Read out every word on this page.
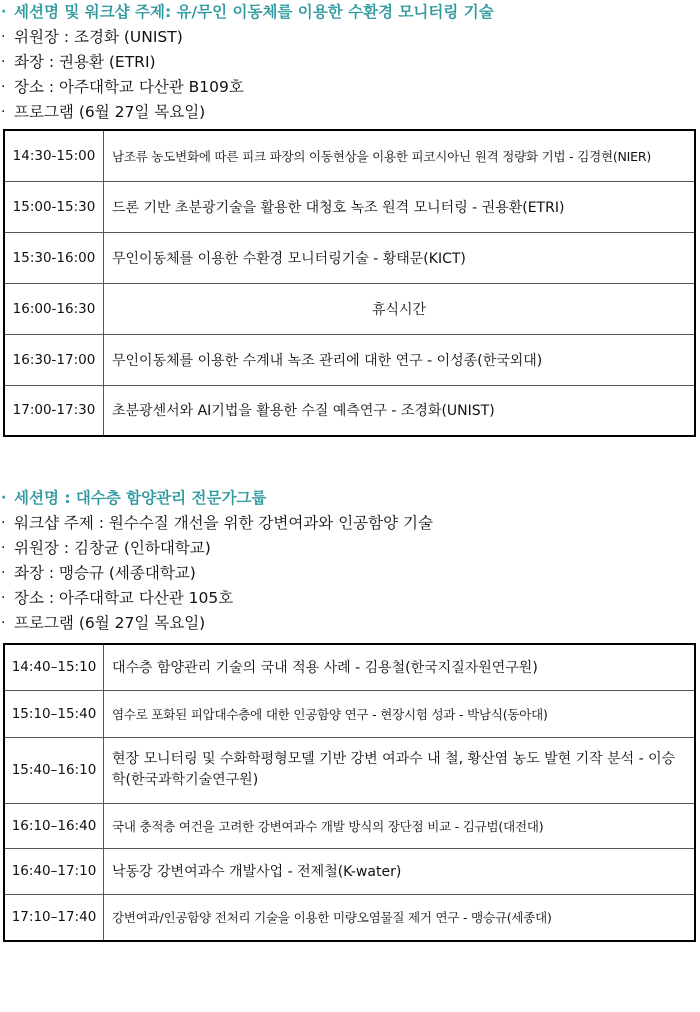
· 세션명 및 워크샵 주제: 유/무인 이동체를 이용한 수환경 모니터링 기술
· 위원장 : 조경화 (UNIST)
· 좌장 : 권용환 (ETRI)
· 장소 : 아주대학교 다산관 B109호
· 프로그램 (6월 27일 목요일)
14:30-15:00	남조류 농도변화에 따른 피크 파장의 이동현상을 이용한 피코시아닌 원격 정량화 기법 - 김경현(NIER)
15:00-15:30	드론 기반 초분광기술을 활용한 대청호 녹조 원격 모니터링 - 권용환(ETRI)
15:30-16:00	무인이동체를 이용한 수환경 모니터링기술 - 황태문(KICT)
16:00-16:30	휴식시간
16:30-17:00	무인이동체를 이용한 수계내 녹조 관리에 대한 연구 - 이성종(한국외대)
17:00-17:30	초분광센서와 AI기법을 활용한 수질 예측연구 - 조경화(UNIST)
· 세션명 : 대수층 함양관리 전문가그룹
· 워크샵 주제 : 원수수질 개선을 위한 강변여과와 인공함양 기술
· 위원장 : 김창균 (인하대학교)
· 좌장 : 맹승규 (세종대학교)
· 장소 : 아주대학교 다산관 105호
· 프로그램 (6월 27일 목요일)
14:40–15:10	대수층 함양관리 기술의 국내 적용 사례 - 김용철(한국지질자원연구원)
15:10–15:40	염수로 포화된 피압대수층에 대한 인공함양 연구 - 현장시험 성과 - 박남식(동아대)
15:40–16:10	현장 모니터링 및 수화학평형모델 기반 강변 여과수 내 철, 황산염 농도 발현 기작 분석 - 이승학(한국과학기술연구원)
16:10–16:40	국내 충적층 여건을 고려한 강변여과수 개발 방식의 장단점 비교 - 김규범(대전대)
16:40–17:10	낙동강 강변여과수 개발사업 - 전제철(K-water)
17:10–17:40	강변여과/인공함양 전처리 기술을 이용한 미량오염물질 제거 연구 - 맹승규(세종대)
